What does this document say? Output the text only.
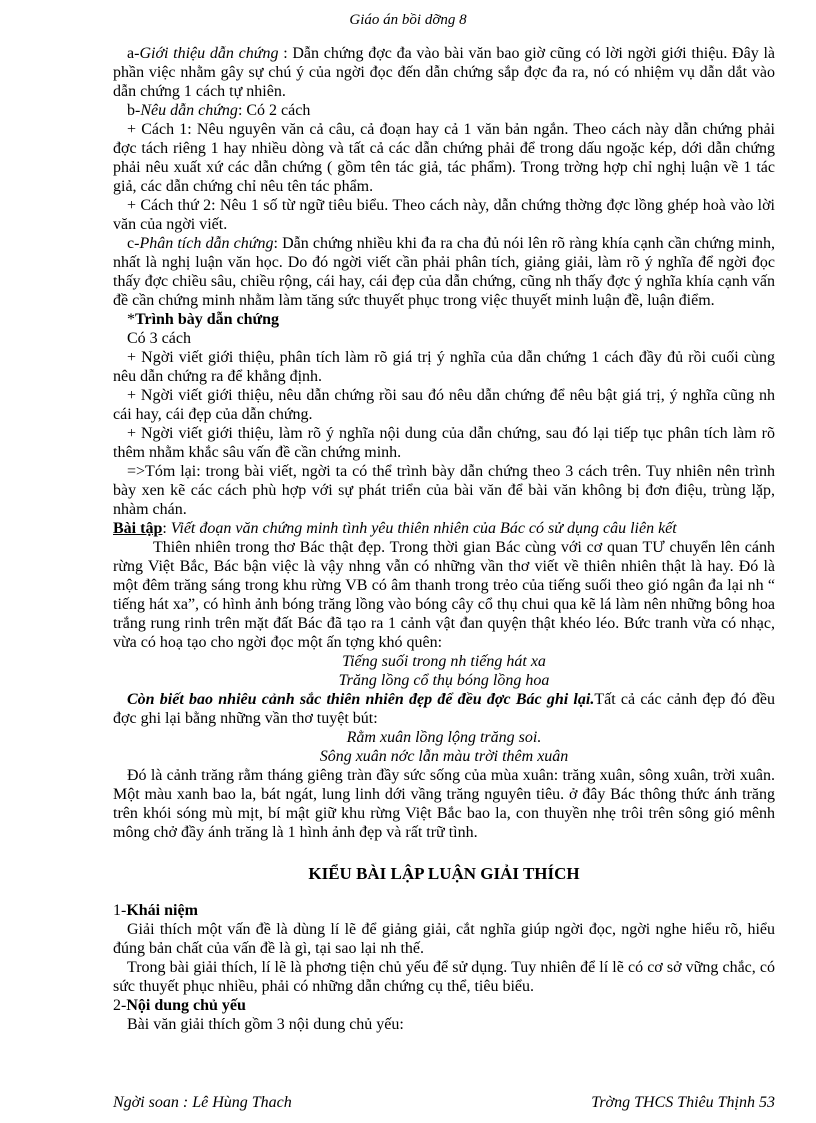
Giáo án bồi dỡng 8

a-Giới thiệu dẫn chứng : Dẫn chứng đợc đa vào bài văn bao giờ cũng có lời ngời giới thiệu. Đây là phần việc nhằm gây sự chú ý của ngời đọc đến dẫn chứng sắp đợc đa ra, nó có nhiệm vụ dẫn dắt vào dẫn chứng 1 cách tự nhiên.

b-Nêu dẫn chứng: Có 2 cách

+ Cách 1: Nêu nguyên văn cả câu, cả đoạn hay cả 1 văn bản ngắn. Theo cách này dẫn chứng phải đợc tách riêng 1 hay nhiều dòng và tất cả các dẫn chứng phải để trong dấu ngoặc kép, dới dẫn chứng phải nêu xuất xứ các dẫn chứng ( gồm tên tác giả, tác phẩm). Trong trờng hợp chỉ nghị luận về 1 tác giả, các dẫn chứng chỉ nêu tên tác phẩm.

+ Cách thứ 2: Nêu 1 số từ ngữ tiêu biểu. Theo cách này, dẫn chứng thờng đợc lồng ghép hoà vào lời văn của ngời viết.

c-Phân tích dẫn chứng: Dẫn chứng nhiều khi đa ra cha đủ nói lên rõ ràng khía cạnh cần chứng minh, nhất là nghị luận văn học. Do đó ngời viết cần phải phân tích, giảng giải, làm rõ ý nghĩa để ngời đọc thấy đợc chiều sâu, chiều rộng, cái hay, cái đẹp của dẫn chứng, cũng nh thấy đợc ý nghĩa khía cạnh vấn đề cần chứng minh nhằm làm tăng sức thuyết phục trong việc thuyết minh luận đề, luận điểm.

*Trình bày dẫn chứng

Có 3 cách

+ Ngời viết giới thiệu, phân tích làm rõ giá trị ý nghĩa của dẫn chứng 1 cách đầy đủ rồi cuối cùng nêu dẫn chứng ra để khẳng định.

+ Ngời viết giới thiệu, nêu dẫn chứng rồi sau đó nêu dẫn chứng để nêu bật giá trị, ý nghĩa cũng nh cái hay, cái đẹp của dẫn chứng.

+ Ngời viết giới thiệu, làm rõ ý nghĩa nội dung của dẫn chứng, sau đó lại tiếp tục phân tích làm rõ thêm nhằm khắc sâu vấn đề cần chứng minh.

=>Tóm lại: trong bài viết, ngời ta có thể trình bày dẫn chứng theo 3 cách trên. Tuy nhiên nên trình bày xen kẽ các cách phù hợp với sự phát triển của bài văn để bài văn không bị đơn điệu, trùng lặp, nhàm chán.

Bài tập: Viết đoạn văn chứng minh tình yêu thiên nhiên của Bác có sử dụng câu liên kết

Thiên nhiên trong thơ Bác thật đẹp. Trong thời gian Bác cùng với cơ quan TƯ chuyển lên cánh rừng Việt Bắc, Bác bận việc là vậy nhng vẫn có những vần thơ viết về thiên nhiên thật là hay. Đó là một đêm trăng sáng trong khu rừng VB có âm thanh trong trẻo của tiếng suối theo gió ngân đa lại nh “ tiếng hát xa”, có hình ảnh bóng trăng lồng vào bóng cây cổ thụ chui qua kẽ lá làm nên những bông hoa trắng rung rinh trên mặt đất Bác đã tạo ra 1 cảnh vật đan quyện thật khéo léo. Bức tranh vừa có nhạc, vừa có hoạ tạo cho ngời đọc một ấn tợng khó quên:

Tiếng suối trong nh tiếng hát xa

Trăng lồng cổ thụ bóng lồng hoa

Còn biết bao nhiêu cảnh sắc thiên nhiên đẹp để đều đợc Bác ghi lại.Tất cả các cảnh đẹp đó đều đợc ghi lại bằng những vần thơ tuyệt bút:

Rằm xuân lồng lộng trăng soi.

Sông xuân nớc lẫn màu trời thêm xuân

Đó là cảnh trăng rằm tháng giêng tràn đầy sức sống của mùa xuân: trăng xuân, sông xuân, trời xuân. Một màu xanh bao la, bát ngát, lung linh dới vầng trăng nguyên tiêu. ở đây Bác thông thức ánh trăng trên khói sóng mù mịt, bí mật giữ khu rừng Việt Bắc bao la, con thuyền nhẹ trôi trên sông gió mênh mông chở đầy ánh trăng là 1 hình ảnh đẹp và rất trữ tình.

KIỂU BÀI LẬP LUẬN GIẢI THÍCH

1-Khái niệm

Giải thích một vấn đề là dùng lí lẽ để giảng giải, cắt nghĩa giúp ngời đọc, ngời nghe hiểu rõ, hiểu đúng bản chất của vấn đề là gì, tại sao lại nh thế.

Trong bài giải thích, lí lẽ là phơng tiện chủ yếu để sử dụng. Tuy nhiên để lí lẽ có cơ sở vững chắc, có sức thuyết phục nhiều, phải có những dẫn chứng cụ thể, tiêu biểu.

2-Nội dung chủ yếu

Bài văn giải thích gồm 3 nội dung chủ yếu:

Ngời soan : Lê Hùng Thach	Trờng THCS Thiêu Thịnh 53
